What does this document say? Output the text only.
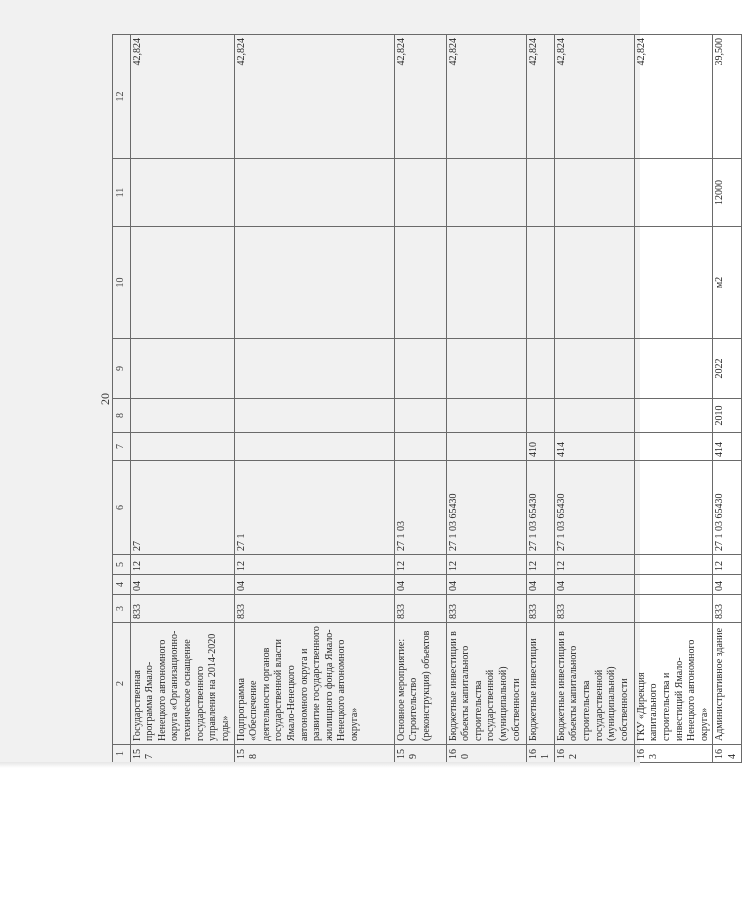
20
1	2	3	4	5	6	7	8	9	10	11	12
157	Государственная программа Ямало-Ненецкого автономного округа «Организационно-техническое оснащение государственного управления на 2014-2020 годы»	833	04	12	27						42,824

158	Подпрограмма «Обеспечение деятельности органов государственной власти Ямало-Ненецкого автономного округа и развитие государственного жилищного фонда Ямало-Ненецкого автономного округа»	833	04	12	27 1						42,824

159	Основное мероприятие: Строительство (реконструкция) объектов	833	04	12	27 1 03						42,824

160	Бюджетные инвестиции в объекты капитального строительства государственной (муниципальной) собственности	833	04	12	27 1 03 65430						42,824

161	Бюджетные инвестиции	833	04	12	27 1 03 65430	410					42,824

162	Бюджетные инвестиции в объекты капитального строительства государственной (муниципальной) собственности	833	04	12	27 1 03 65430	414					42,824

163	ГКУ «Дирекция капитального строительства и инвестиций Ямало-Ненецкого автономного округа»										42,824

164	Административное здание	833	04	12	27 1 03 65430	414	2010	2022	м2	12000	39,500
